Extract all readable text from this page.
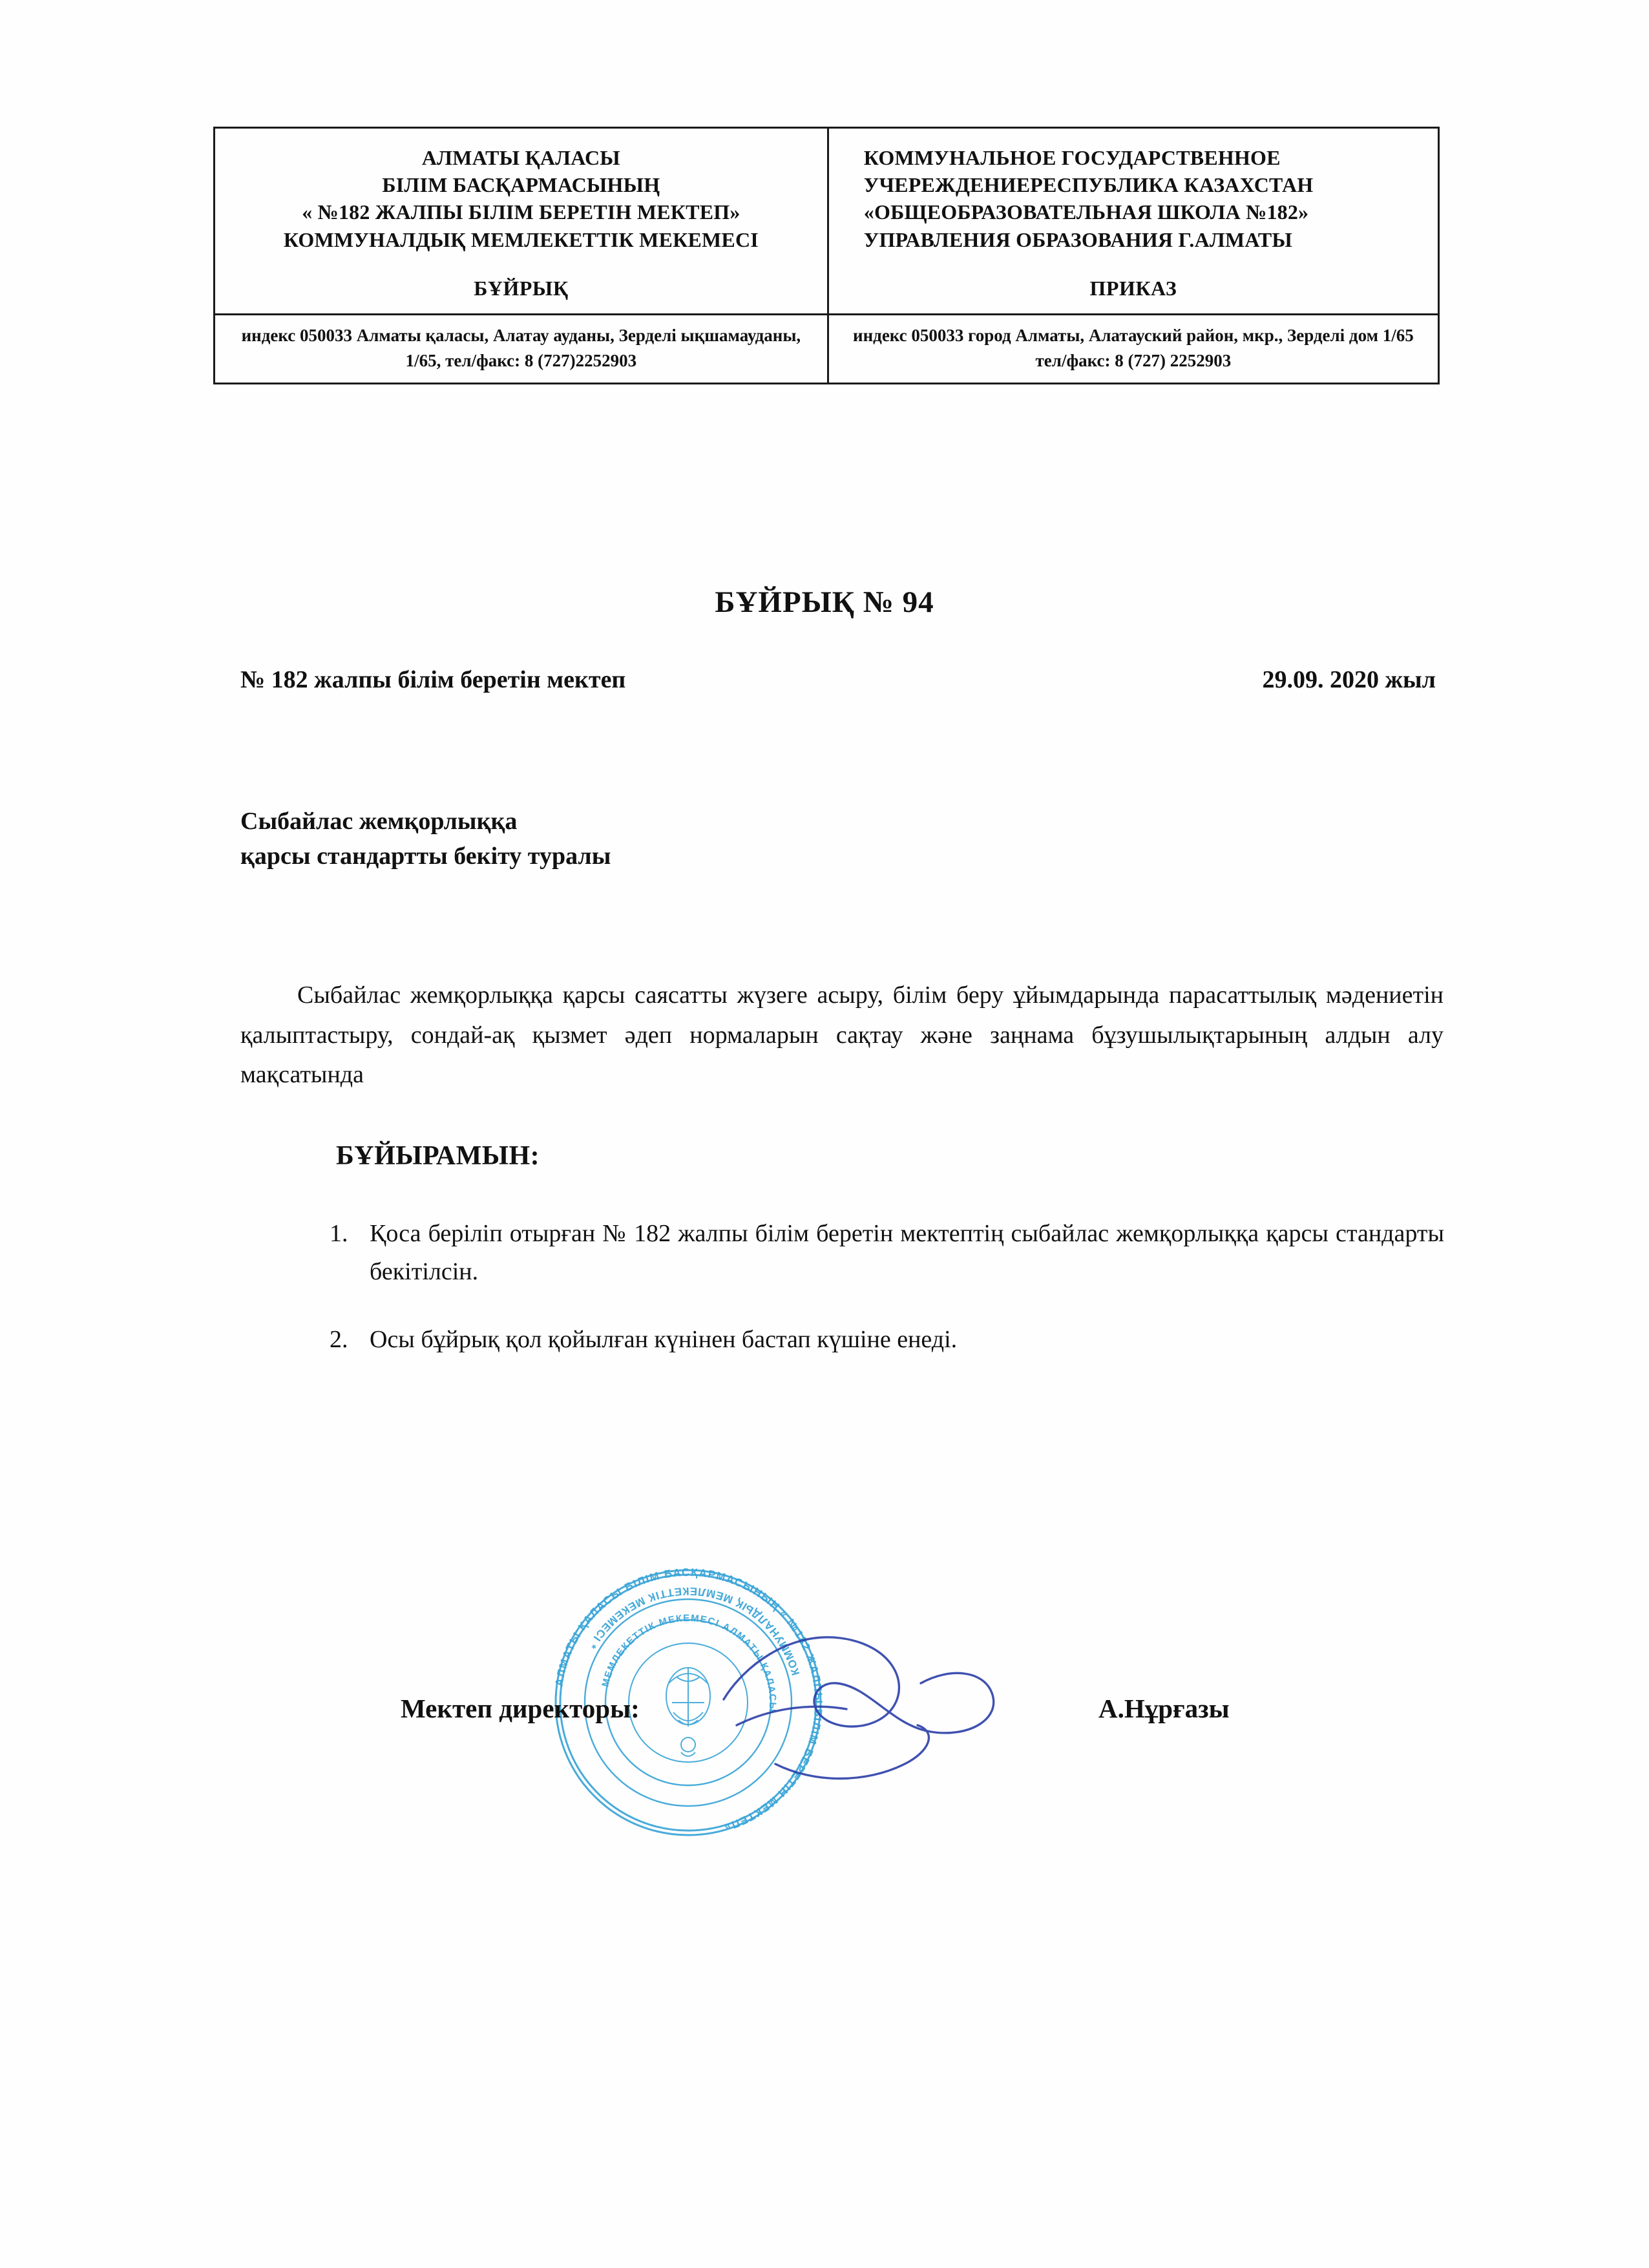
АЛМАТЫ ҚАЛАСЫ
БІЛІМ БАСҚАРМАСЫНЫҢ
« №182 ЖАЛПЫ БІЛІМ БЕРЕТІН МЕКТЕП»
КОММУНАЛДЫҚ МЕМЛЕКЕТТІК МЕКЕМЕСІ
БҰЙРЫҚ
КОММУНАЛЬНОЕ ГОСУДАРСТВЕННОЕ
УЧЕРЕЖДЕНИЕРЕСПУБЛИКА КАЗАХСТАН
«ОБЩЕОБРАЗОВАТЕЛЬНАЯ ШКОЛА №182»
УПРАВЛЕНИЯ ОБРАЗОВАНИЯ Г.АЛМАТЫ
ПРИКАЗ
индекс 050033 Алматы қаласы, Алатау ауданы, Зерделі ықшамауданы, 1/65, тел/факс: 8 (727)2252903
индекс 050033 город Алматы, Алатауский район, мкр., Зерделі дом 1/65 тел/факс: 8 (727) 2252903
БҰЙРЫҚ № 94
№ 182 жалпы білім беретін мектеп	29.09. 2020 жыл
Сыбайлас жемқорлыққа
қарсы стандартты бекіту туралы
Сыбайлас жемқорлыққа қарсы саясатты жүзеге асыру, білім беру ұйымдарында парасаттылық мәдениетін қалыптастыру, сондай-ақ қызмет әдеп нормаларын сақтау және заңнама бұзушылықтарының алдын алу мақсатында
БҰЙЫРАМЫН:
1. Қоса беріліп отырған № 182 жалпы білім беретін мектептің сыбайлас жемқорлыққа қарсы стандарты бекітілсін.
2. Осы бұйрық қол қойылған күнінен бастап күшіне енеді.
АЛМАТЫ ҚАЛАСЫ БІЛІМ БАСҚАРМАСЫНЫҢ « №182 ЖАЛПЫ БІЛІМ БЕРЕТІН МЕКТЕП»
КОММУНАЛДЫҚ МЕМЛЕКЕТТІК МЕКЕМЕСІ *
МЕМЛЕКЕТТІК МЕКЕМЕСІ АЛМАТЫ ҚАЛАСЫ
Мектеп директоры:	А.Нұрғазы
